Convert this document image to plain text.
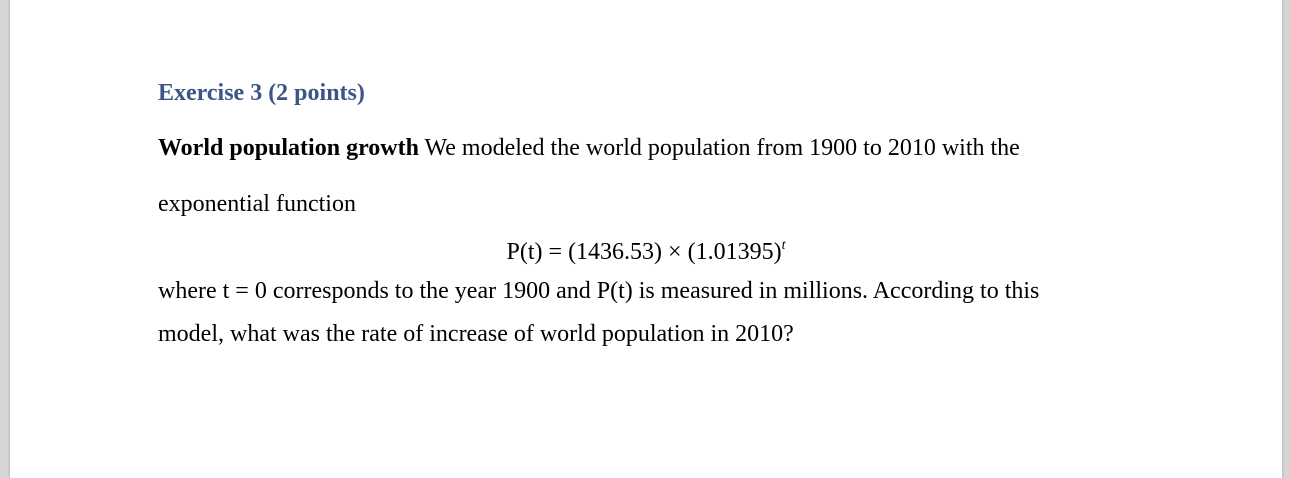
Exercise 3 (2 points)
World population growth We modeled the world population from 1900 to 2010 with the
exponential function
$P(t) = (1436.53) \times (1.01395)^t$
where t = 0 corresponds to the year 1900 and P(t) is measured in millions. According to this
model, what was the rate of increase of world population in 2010?
